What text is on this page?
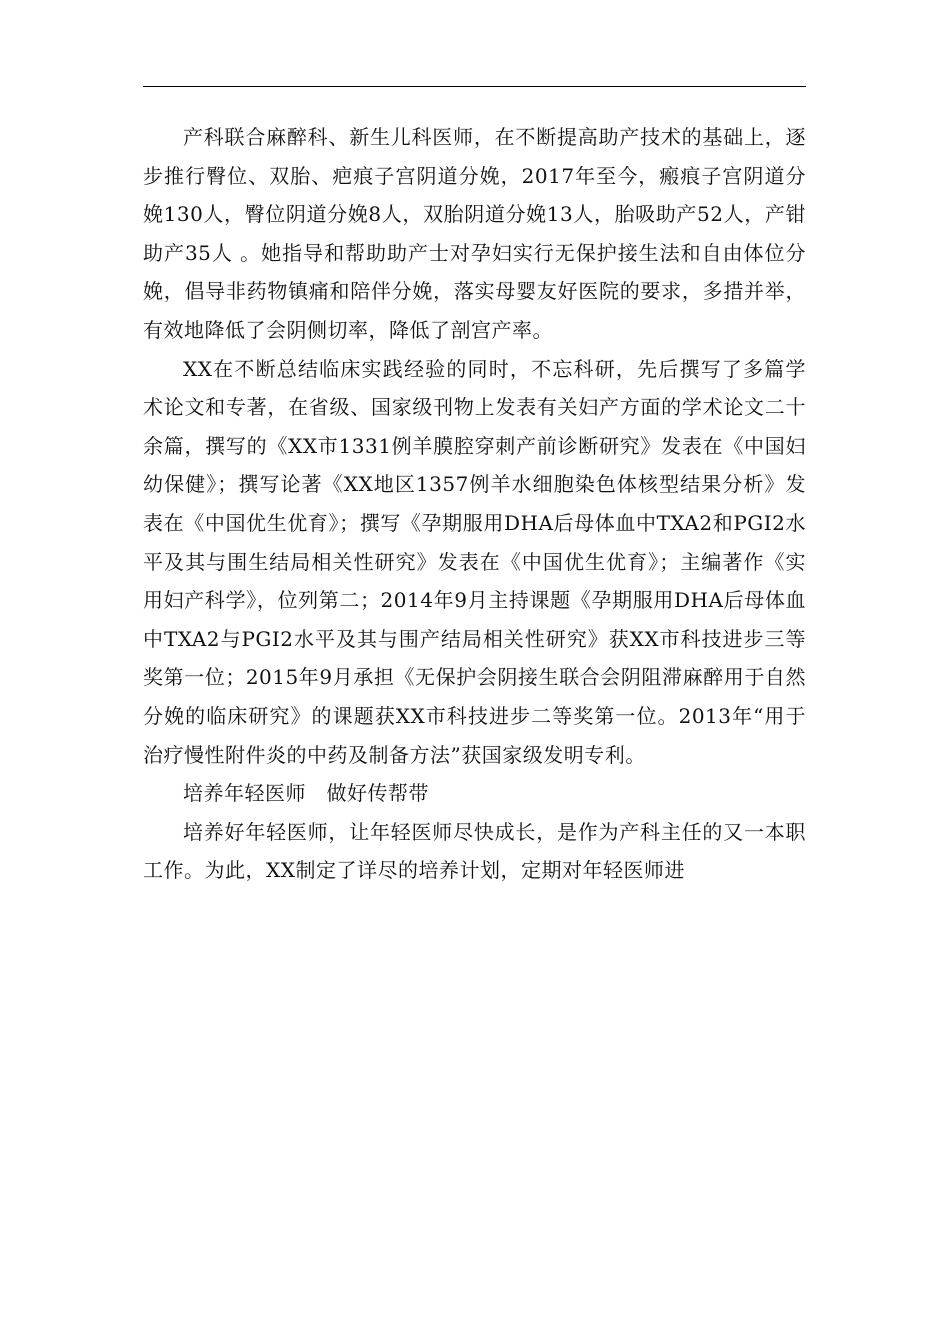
产科联合麻醉科、新生儿科医师，在不断提高助产技术的基础上，逐步推行臀位、双胎、疤痕子宫阴道分娩，2017年至今，瘢痕子宫阴道分娩130人，臀位阴道分娩8人，双胎阴道分娩13人，胎吸助产52人，产钳助产35人 。她指导和帮助助产士对孕妇实行无保护接生法和自由体位分娩，倡导非药物镇痛和陪伴分娩，落实母婴友好医院的要求，多措并举，有效地降低了会阴侧切率，降低了剖宫产率。

XX在不断总结临床实践经验的同时，不忘科研，先后撰写了多篇学术论文和专著，在省级、国家级刊物上发表有关妇产方面的学术论文二十余篇，撰写的《XX市1331例羊膜腔穿刺产前诊断研究》发表在《中国妇幼保健》；撰写论著《XX地区1357例羊水细胞染色体核型结果分析》发表在《中国优生优育》；撰写《孕期服用DHA后母体血中TXA2和PGI2水平及其与围生结局相关性研究》发表在《中国优生优育》；主编著作《实用妇产科学》，位列第二；2014年9月主持课题《孕期服用DHA后母体血中TXA2与PGI2水平及其与围产结局相关性研究》获XX市科技进步三等奖第一位；2015年9月承担《无保护会阴接生联合会阴阻滞麻醉用于自然分娩的临床研究》的课题获XX市科技进步二等奖第一位。2013年“用于治疗慢性附件炎的中药及制备方法”获国家级发明专利。

培养年轻医师　做好传帮带

培养好年轻医师，让年轻医师尽快成长，是作为产科主任的又一本职工作。为此，XX制定了详尽的培养计划，定期对年轻医师进
